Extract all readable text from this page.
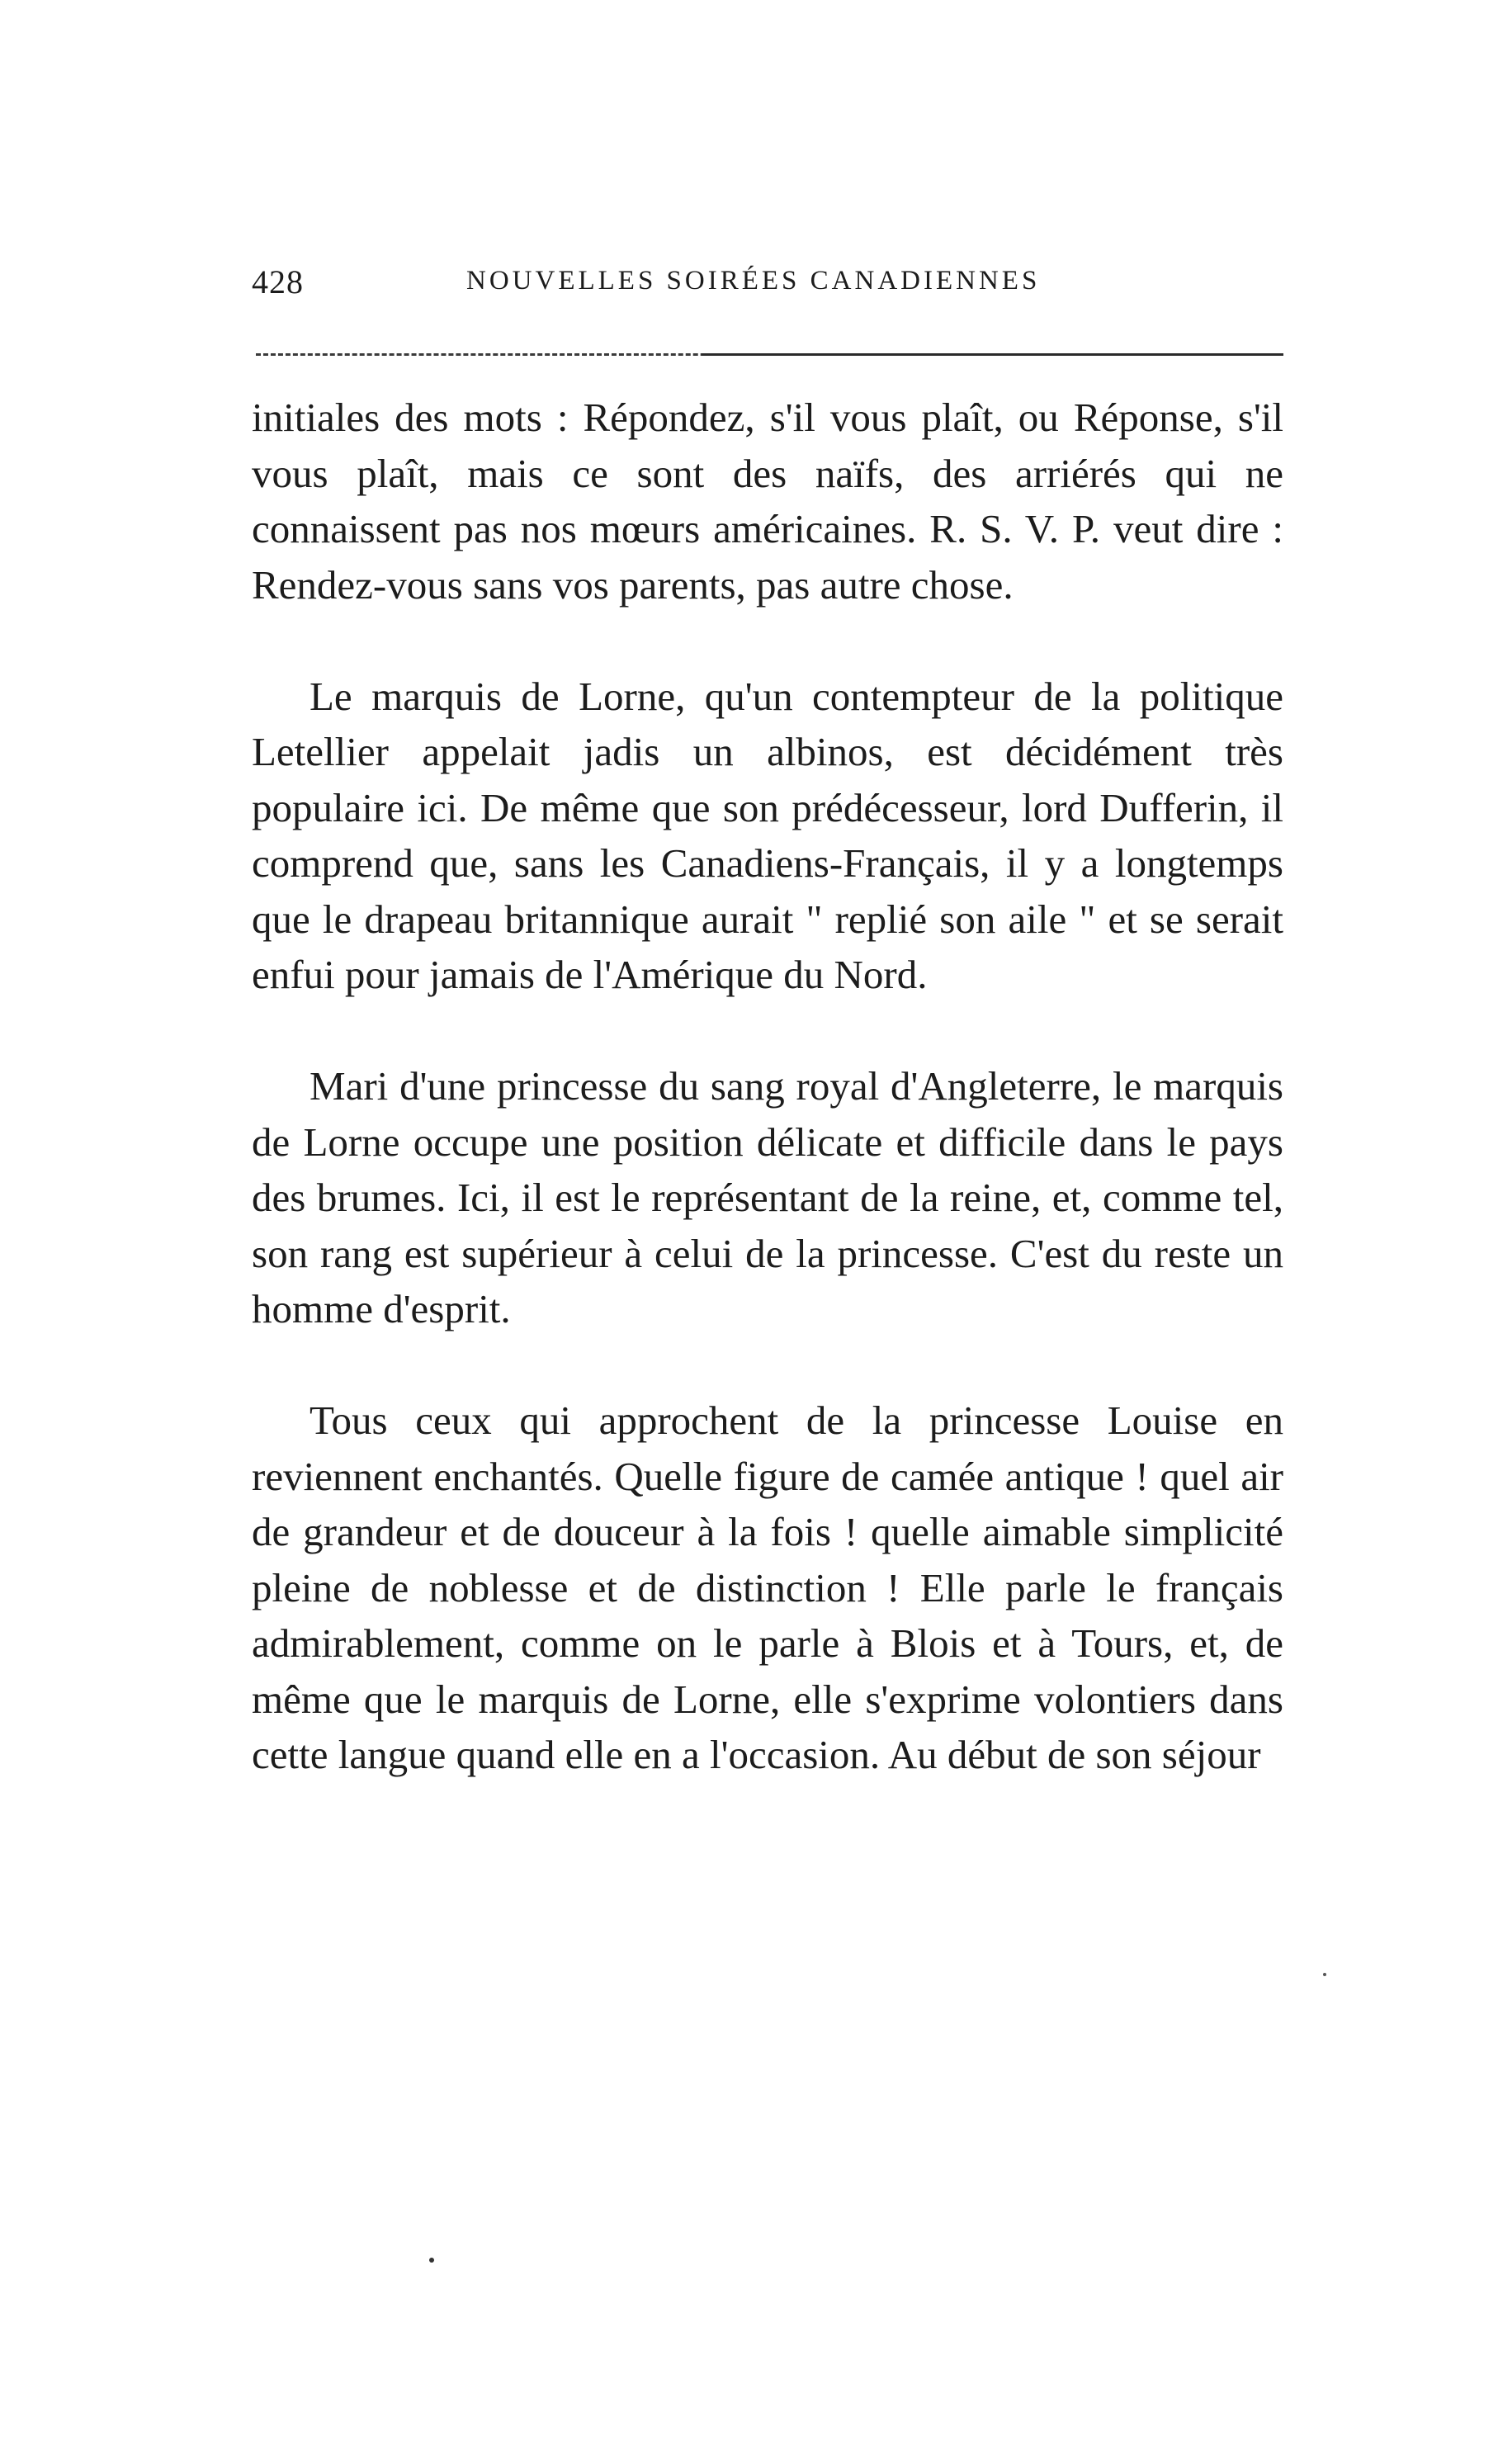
428	NOUVELLES SOIRÉES CANADIENNES

initiales des mots : Répondez, s'il vous plaît, ou Réponse, s'il vous plaît, mais ce sont des naïfs, des arriérés qui ne connaissent pas nos mœurs américaines. R. S. V. P. veut dire : Rendez-vous sans vos parents, pas autre chose.

Le marquis de Lorne, qu'un contempteur de la politique Letellier appelait jadis un albinos, est décidément très populaire ici. De même que son prédécesseur, lord Dufferin, il comprend que, sans les Canadiens-Français, il y a longtemps que le drapeau britannique aurait " replié son aile " et se serait enfui pour jamais de l'Amérique du Nord.

Mari d'une princesse du sang royal d'Angleterre, le marquis de Lorne occupe une position délicate et difficile dans le pays des brumes. Ici, il est le représentant de la reine, et, comme tel, son rang est supérieur à celui de la princesse. C'est du reste un homme d'esprit.

Tous ceux qui approchent de la princesse Louise en reviennent enchantés. Quelle figure de camée antique ! quel air de grandeur et de douceur à la fois ! quelle aimable simplicité pleine de noblesse et de distinction ! Elle parle le français admirablement, comme on le parle à Blois et à Tours, et, de même que le marquis de Lorne, elle s'exprime volontiers dans cette langue quand elle en a l'occasion. Au début de son séjour
